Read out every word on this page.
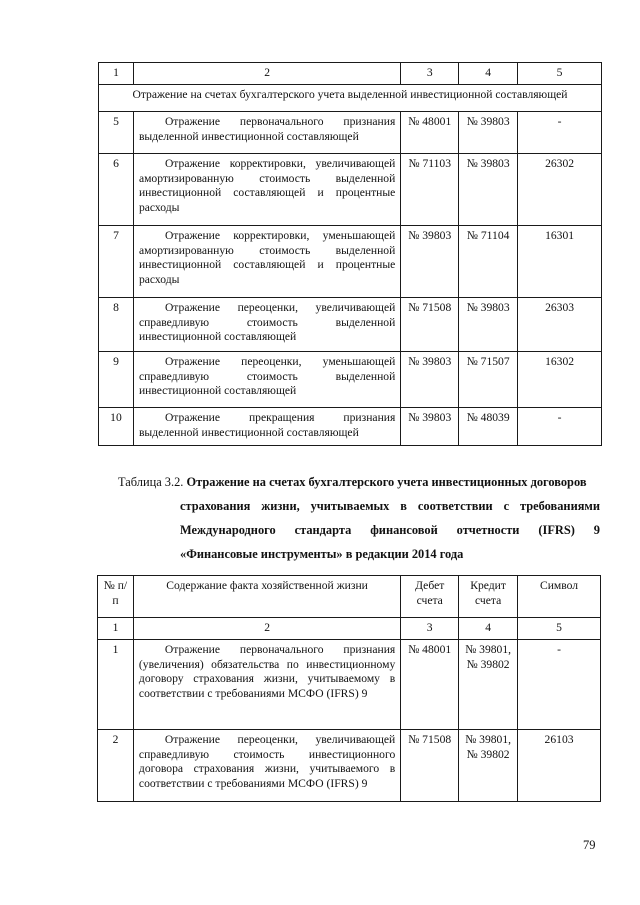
1	2	3	4	5
Отражение на счетах бухгалтерского учета выделенной инвестиционной составляющей				
5	Отражение первоначального признания выделенной инвестиционной составляющей	№ 48001	№ 39803	-
6	Отражение корректировки, увеличивающей амортизированную стоимость выделенной инвестиционной составляющей и процентные расходы	№ 71103	№ 39803	26302
7	Отражение корректировки, уменьшающей амортизированную стоимость выделенной инвестиционной составляющей и процентные расходы	№ 39803	№ 71104	16301
8	Отражение переоценки, увеличивающей справедливую стоимость выделенной инвестиционной составляющей	№ 71508	№ 39803	26303
9	Отражение переоценки, уменьшающей справедливую стоимость выделенной инвестиционной составляющей	№ 39803	№ 71507	16302
10	Отражение прекращения признания выделенной инвестиционной составляющей	№ 39803	№ 48039	-

Таблица 3.2. Отражение на счетах бухгалтерского учета инвестиционных договоров

страхования жизни, учитываемых в соответствии с требованиями

Международного стандарта финансовой отчетности (IFRS) 9

«Финансовые инструменты» в редакции 2014 года

№ п/п	Содержание факта хозяйственной жизни	Дебет счета	Кредит счета	Символ
1	2	3	4	5
1	Отражение первоначального признания (увеличения) обязательства по инвестиционному договору страхования жизни, учитываемому в соответствии с требованиями МСФО (IFRS) 9	№ 48001	№ 39801, № 39802	-
2	Отражение переоценки, увеличивающей справедливую стоимость инвестиционного договора страхования жизни, учитываемого в соответствии с требованиями МСФО (IFRS) 9	№ 71508	№ 39801, № 39802	26103
79
